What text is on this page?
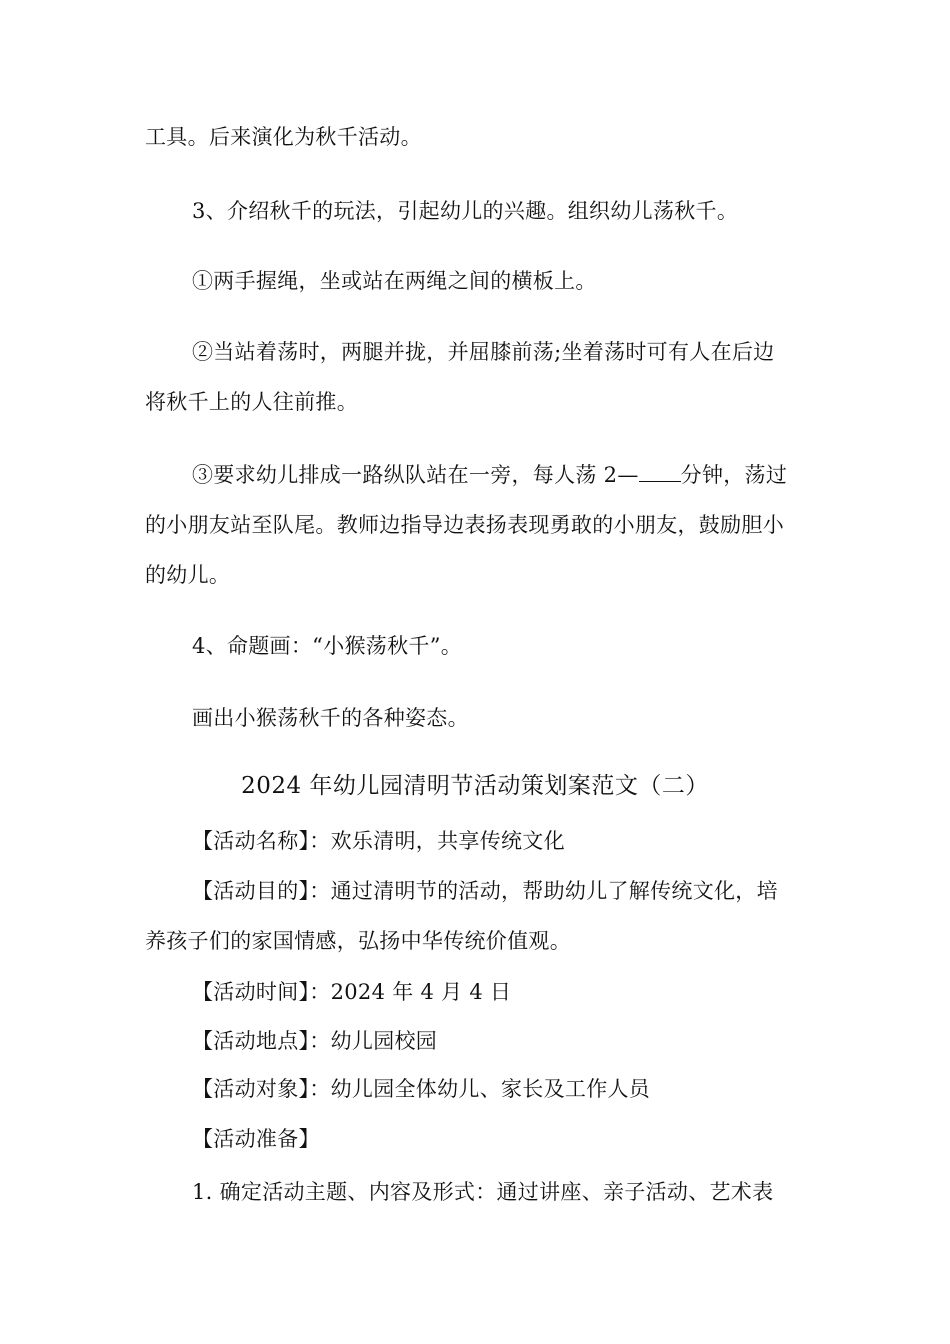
工具。后来演化为秋千活动。
3、介绍秋千的玩法，引起幼儿的兴趣。组织幼儿荡秋千。
①两手握绳，坐或站在两绳之间的横板上。
②当站着荡时，两腿并拢，并屈膝前荡;坐着荡时可有人在后边
将秋千上的人往前推。
③要求幼儿排成一路纵队站在一旁，每人荡 2— 分钟，荡过
的小朋友站至队尾。教师边指导边表扬表现勇敢的小朋友，鼓励胆小
的幼儿。
4、命题画：“小猴荡秋千”。
画出小猴荡秋千的各种姿态。
2024 年幼儿园清明节活动策划案范文（二）
【活动名称】：欢乐清明，共享传统文化
【活动目的】：通过清明节的活动，帮助幼儿了解传统文化，培
养孩子们的家国情感，弘扬中华传统价值观。
【活动时间】：2024 年 4 月 4 日
【活动地点】：幼儿园校园
【活动对象】：幼儿园全体幼儿、家长及工作人员
【活动准备】
1. 确定活动主题、内容及形式：通过讲座、亲子活动、艺术表
